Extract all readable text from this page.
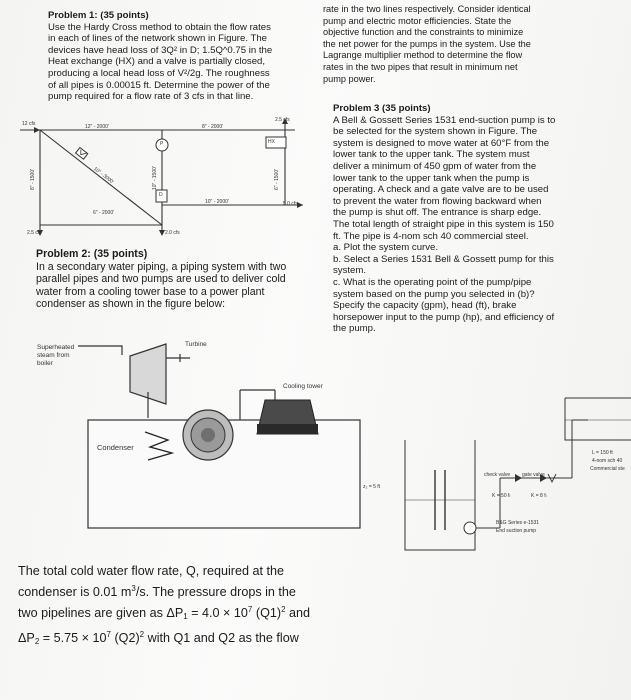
Problem 1: (35 points)
Use the Hardy Cross method to obtain the flow rates
in each of lines of the network shown in Figure. The
devices have head loss of 3Q² in D; 1.5Q^0.75 in the
Heat exchange (HX) and a valve is partially closed,
producing a local head loss of V²/2g. The roughness
of all pipes is 0.00015 ft. Determine the power of the
pump required for a flow rate of 3 cfs in that line.
12 cfs	12" - 2000'	8" - 2000'
2.5 cfs
HX
8" - 1500'	10" - 3000'	10" - 1500'	6" - 1500'
6" - 2000'
10" - 2000'
D
P
5.0 cfs
2.5 cfs	2.0 cfs
Problem 2: (35 points)
In a secondary water piping, a piping system with two
parallel pipes and two pumps are used to deliver cold
water from a cooling tower base to a power plant
condenser as shown in the figure below:
Superheated
steam from
boiler
Turbine
Cooling tower
Condenser
rate in the two lines respectively. Consider identical
pump and electric motor efficiencies. State the
objective function and the constraints to minimize
the net power for the pumps in the system. Use the
Lagrange multiplier method to determine the flow
rates in the two pipes that result in minimum net
pump power.
Problem 3 (35 points)
A Bell & Gossett Series 1531 end-suction pump is to
be selected for the system shown in Figure. The
system is designed to move water at 60°F from the
lower tank to the upper tank. The system must
deliver a minimum of 450 gpm of water from the
lower tank to the upper tank when the pump is
operating. A check and a gate valve are to be used
to prevent the water from flowing backward when
the pump is shut off. The entrance is sharp edge.
The total length of straight pipe in this system is 150
ft. The pipe is 4-nom sch 40 commercial steel.
a. Plot the system curve.
b. Select a Series 1531 Bell & Gossett pump for this
system.
c. What is the operating point of the pump/pipe
system based on the pump you selected in (b)?
Specify the capacity (gpm), head (ft), brake
horsepower input to the pump (hp), and efficiency of
the pump.
L = 150 ft
4-nom sch 40
Commercial ste
check valve gate valve
K = 50 fₜ	K = 8 fₜ
z₂ = 5 ft
B&G Series e-1531
End suction pump
The total cold water flow rate, Q, required at the
condenser is 0.01 $m^3/s$. The pressure drops in the
two pipelines are given as $\Delta P_1 = 4.0 \times 10^7$ $(Q1)^2$ and
$\Delta P_2 = 5.75 \times 10^7$ $(Q2)^2$ with Q1 and Q2 as the flow
